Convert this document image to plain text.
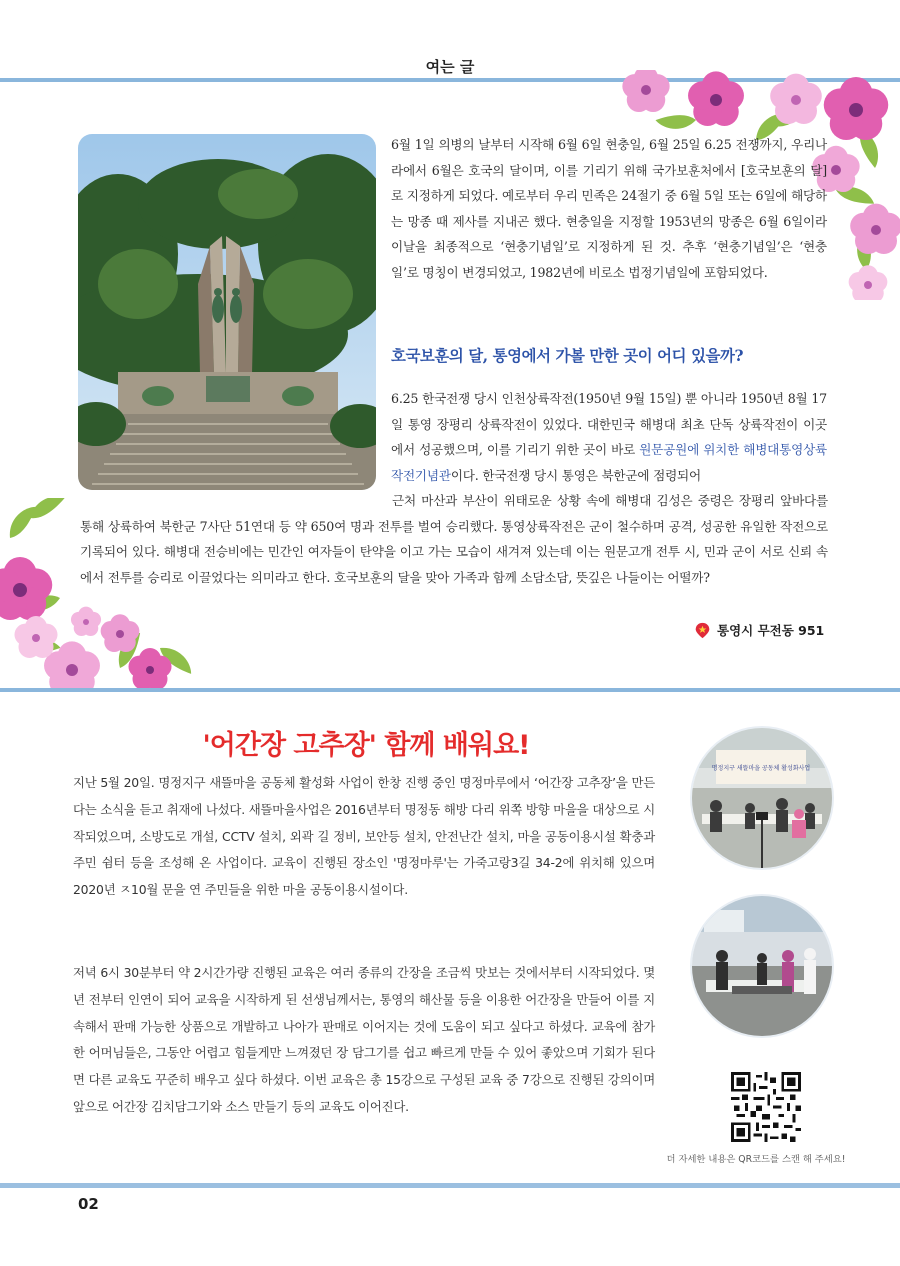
여는 글

6월 1일 의병의 날부터 시작해 6월 6일 현충일, 6월 25일 6.25 전쟁까지, 우리나라에서 6월은 호국의 달이며, 이를 기리기 위해 국가보훈처에서 [호국보훈의 달]로 지정하게 되었다. 예로부터 우리 민족은 24절기 중 6월 5일 또는 6일에 해당하는 망종 때 제사를 지내곤 했다. 현충일을 지정할 1953년의 망종은 6월 6일이라 이날을 최종적으로 ‘현충기념일’로 지정하게 된 것. 추후 ‘현충기념일’은 ‘현충일’로 명칭이 변경되었고, 1982년에 비로소 법정기념일에 포함되었다.

호국보훈의 달, 통영에서 가볼 만한 곳이 어디 있을까?

6.25 한국전쟁 당시 인천상륙작전(1950년 9월 15일) 뿐 아니라 1950년 8월 17일 통영 장평리 상륙작전이 있었다. 대한민국 해병대 최초 단독 상륙작전이 이곳에서 성공했으며, 이를 기리기 위한 곳이 바로 원문공원에 위치한 해병대통영상륙작전기념관이다. 한국전쟁 당시 통영은 북한군에 점령되어

근처 마산과 부산이 위태로운 상황 속에 해병대 김성은 중령은 장평리 앞바다를 통해 상륙하여 북한군 7사단 51연대 등 약 650여 명과 전투를 벌여 승리했다. 통영상륙작전은 군이 철수하며 공격, 성공한 유일한 작전으로 기록되어 있다. 해병대 전승비에는 민간인 여자들이 탄약을 이고 가는 모습이 새겨져 있는데 이는 원문고개 전투 시, 민과 군이 서로 신뢰 속에서 전투를 승리로 이끌었다는 의미라고 한다. 호국보훈의 달을 맞아 가족과 함께 소담소담, 뜻깊은 나들이는 어떨까?

통영시 무전동 951
'어간장 고추장' 함께 배워요!

지난 5월 20일. 명정지구 새뜰마을 공동체 활성화 사업이 한창 진행 중인 명정마루에서 ‘어간장 고추장’을 만든다는 소식을 듣고 취재에 나섰다. 새뜰마을사업은 2016년부터 명정동 해방 다리 위쪽 방향 마을을 대상으로 시작되었으며, 소방도로 개설, CCTV 설치, 외곽 길 정비, 보안등 설치, 안전난간 설치, 마을 공동이용시설 확충과 주민 쉼터 등을 조성해 온 사업이다. 교육이 진행된 장소인 '명정마루'는 가죽고랑3길 34-2에 위치해 있으며 2020년 ㅈ10월 문을 연 주민들을 위한 마을 공동이용시설이다.

저녁 6시 30분부터 약 2시간가량 진행된 교육은 여러 종류의 간장을 조금씩 맛보는 것에서부터 시작되었다. 몇 년 전부터 인연이 되어 교육을 시작하게 된 선생님께서는, 통영의 해산물 등을 이용한 어간장을 만들어 이를 지속해서 판매 가능한 상품으로 개발하고 나아가 판매로 이어지는 것에 도움이 되고 싶다고 하셨다. 교육에 참가한 어머님들은, 그동안 어렵고 힘들게만 느껴졌던 장 담그기를 쉽고 빠르게 만들 수 있어 좋았으며 기회가 된다면 다른 교육도 꾸준히 배우고 싶다 하셨다. 이번 교육은 총 15강으로 구성된 교육 중 7강으로 진행된 강의이며 앞으로 어간장 김치담그기와 소스 만들기 등의 교육도 이어진다.

명정지구 새뜰마을 공동체 활성화사업
더 자세한 내용은 QR코드를 스캔 해 주세요!
02
